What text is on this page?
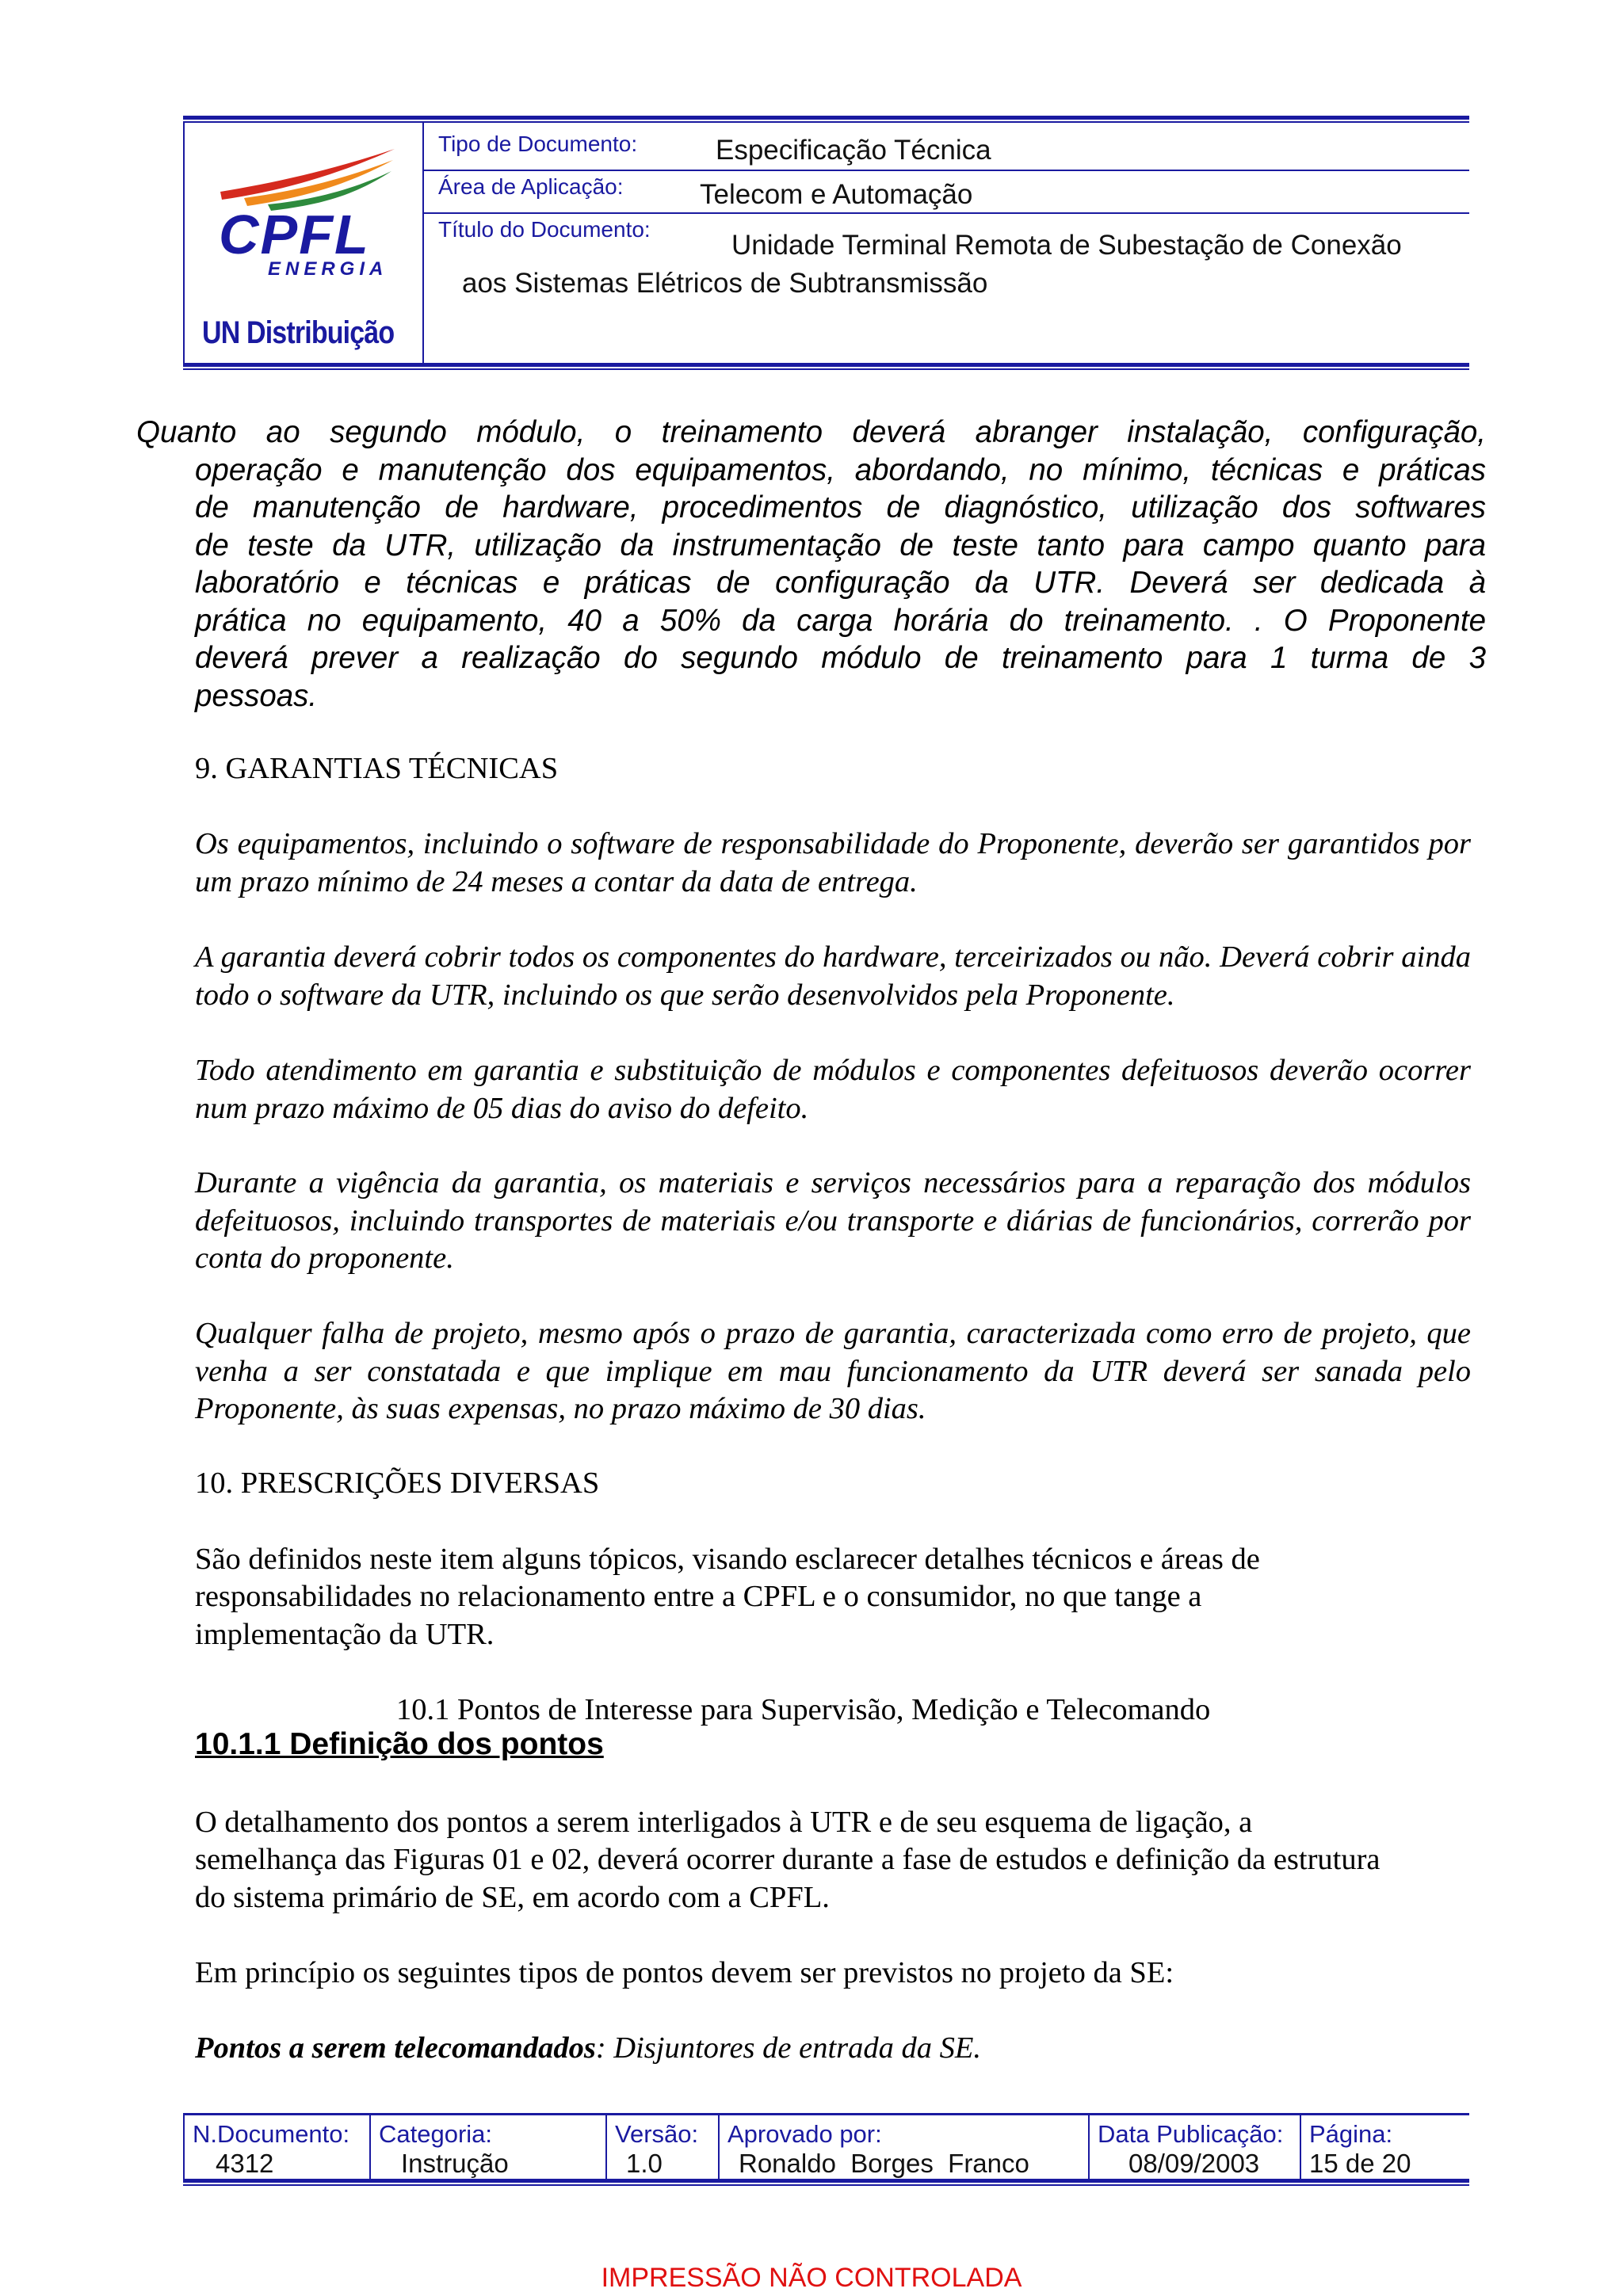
CPFL
ENERGIA
UN Distribuição
Tipo de Documento:	Especificação Técnica
Área de Aplicação:	Telecom e Automação
Título do Documento:
Unidade Terminal Remota de Subestação de Conexão
aos Sistemas Elétricos de Subtransmissão
Quanto ao segundo módulo, o treinamento deverá abranger instalação, configuração,
operação e manutenção dos equipamentos, abordando, no mínimo, técnicas e práticas
de manutenção de hardware, procedimentos de diagnóstico, utilização dos softwares
de teste da UTR, utilização da instrumentação de teste tanto para campo quanto para
laboratório e técnicas e práticas de configuração da UTR. Deverá ser dedicada à
prática no equipamento, 40 a 50% da carga horária do treinamento. . O Proponente
deverá prever a realização do segundo módulo de treinamento para 1 turma de 3
pessoas.
9. GARANTIAS TÉCNICAS
Os equipamentos, incluindo o software de responsabilidade do Proponente, deverão ser garantidos por um prazo mínimo de 24 meses a contar da data de entrega.
A garantia deverá cobrir todos os componentes do hardware, terceirizados ou não. Deverá cobrir ainda todo o software da UTR, incluindo os que serão desenvolvidos pela Proponente.
Todo atendimento em garantia e substituição de módulos e componentes defeituosos deverão ocorrer num prazo máximo de 05 dias do aviso do defeito.
Durante a vigência da garantia, os materiais e serviços necessários para a reparação dos módulos defeituosos, incluindo transportes de materiais e/ou transporte e diárias de funcionários, correrão por conta do proponente.
Qualquer falha de projeto, mesmo após o prazo de garantia, caracterizada como erro de projeto, que venha a ser constatada e que implique em mau funcionamento da UTR deverá ser sanada pelo Proponente, às suas expensas, no prazo máximo de 30 dias.
10. PRESCRIÇÕES DIVERSAS
São definidos neste item alguns tópicos, visando esclarecer detalhes técnicos e áreas de
responsabilidades no relacionamento entre a CPFL e o consumidor, no que tange a
implementação da UTR.
10.1 Pontos de Interesse para Supervisão, Medição e Telecomando
10.1.1 Definição dos pontos
O detalhamento dos pontos a serem interligados à UTR e de seu esquema de ligação, a
semelhança das Figuras 01 e 02, deverá ocorrer durante a fase de estudos e definição da estrutura
do sistema primário de SE, em acordo com a CPFL.
Em princípio os seguintes tipos de pontos devem ser previstos no projeto da SE:
Pontos a serem telecomandados: Disjuntores de entrada da SE.
N.Documento:
4312
Categoria:
Instrução
Versão:
1.0
Aprovado por:
Ronaldo  Borges  Franco
Data Publicação:
08/09/2003
Página:
15 de 20
IMPRESSÃO NÃO CONTROLADA
